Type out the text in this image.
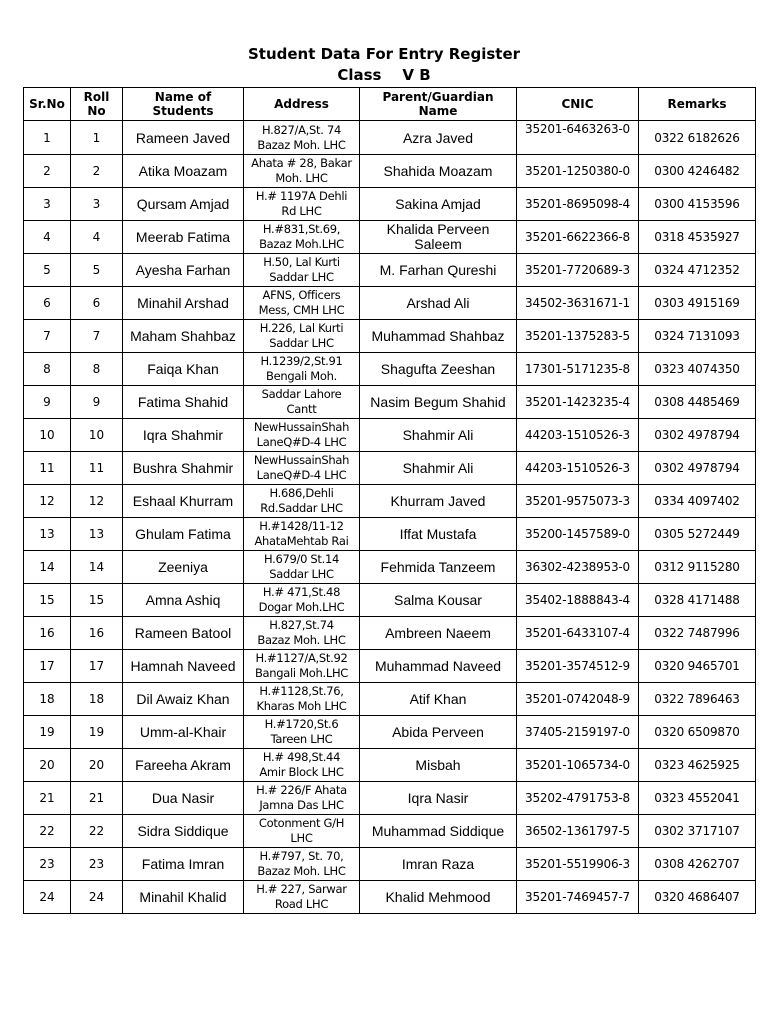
Student Data For Entry Register
Class    V B
Sr.No	Roll No	Name of Students	Address	Parent/Guardian Name	CNIC	Remarks
1	1	Rameen Javed	H.827/A,St. 74
Bazaz Moh. LHC	Azra Javed	35201-6463263-0	0322 6182626
2	2	Atika Moazam	Ahata # 28, Bakar
Moh. LHC	Shahida Moazam	35201-1250380-0	0300 4246482
3	3	Qursam Amjad	H.# 1197A Dehli
Rd LHC	Sakina Amjad	35201-8695098-4	0300 4153596
4	4	Meerab Fatima	H.#831,St.69,
Bazaz Moh.LHC	Khalida Perveen Saleem	35201-6622366-8	0318 4535927
5	5	Ayesha Farhan	H.50, Lal Kurti
Saddar LHC	M. Farhan Qureshi	35201-7720689-3	0324 4712352
6	6	Minahil Arshad	AFNS, Officers
Mess, CMH LHC	Arshad Ali	34502-3631671-1	0303 4915169
7	7	Maham Shahbaz	H.226, Lal Kurti
Saddar LHC	Muhammad Shahbaz	35201-1375283-5	0324 7131093
8	8	Faiqa Khan	H.1239/2,St.91
Bengali Moh.	Shagufta Zeeshan	17301-5171235-8	0323 4074350
9	9	Fatima Shahid	Saddar Lahore
Cantt	Nasim Begum Shahid	35201-1423235-4	0308 4485469
10	10	Iqra Shahmir	NewHussainShah
LaneQ#D-4 LHC	Shahmir Ali	44203-1510526-3	0302 4978794
11	11	Bushra Shahmir	NewHussainShah
LaneQ#D-4 LHC	Shahmir Ali	44203-1510526-3	0302 4978794
12	12	Eshaal Khurram	H.686,Dehli
Rd.Saddar LHC	Khurram Javed	35201-9575073-3	0334 4097402
13	13	Ghulam Fatima	H.#1428/11-12
AhataMehtab Rai	Iffat Mustafa	35200-1457589-0	0305 5272449
14	14	Zeeniya	H.679/0 St.14
Saddar LHC	Fehmida Tanzeem	36302-4238953-0	0312 9115280
15	15	Amna Ashiq	H.# 471,St.48
Dogar Moh.LHC	Salma Kousar	35402-1888843-4	0328 4171488
16	16	Rameen Batool	H.827,St.74
Bazaz Moh. LHC	Ambreen Naeem	35201-6433107-4	0322 7487996
17	17	Hamnah Naveed	H.#1127/A,St.92
Bangali Moh.LHC	Muhammad Naveed	35201-3574512-9	0320 9465701
18	18	Dil Awaiz Khan	H.#1128,St.76,
Kharas Moh LHC	Atif Khan	35201-0742048-9	0322 7896463
19	19	Umm-al-Khair	H.#1720,St.6
Tareen LHC	Abida Perveen	37405-2159197-0	0320 6509870
20	20	Fareeha Akram	H.# 498,St.44
Amir Block LHC	Misbah	35201-1065734-0	0323 4625925
21	21	Dua Nasir	H.# 226/F Ahata
Jamna Das LHC	Iqra Nasir	35202-4791753-8	0323 4552041
22	22	Sidra Siddique	Cotonment G/H
LHC	Muhammad Siddique	36502-1361797-5	0302 3717107
23	23	Fatima Imran	H.#797, St. 70,
Bazaz Moh. LHC	Imran Raza	35201-5519906-3	0308 4262707
24	24	Minahil Khalid	H.# 227, Sarwar
Road LHC	Khalid Mehmood	35201-7469457-7	0320 4686407
